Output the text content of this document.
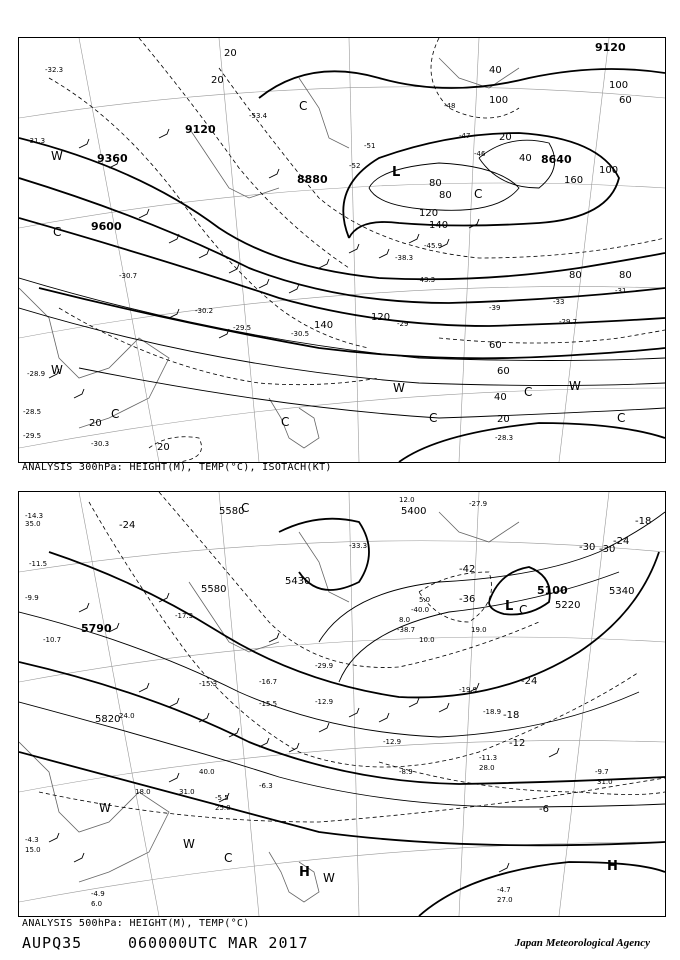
9120
9360
9600
8880
8640
9120
20
20
40
60
80
100
120
140
160
20
40
60
80
100
120
140
80
100
60
40
20
20
20
80
-32.3
-31.3
-30.7
-30.2
-29.5
-28.9
-28.5
-29.5
-30.3
-38.3
-45.9
-51
-52
-53.4
-43.3
-46
-48
-47
-28.3
-29.7
-31
-39
-33
-30.5
-29
L
W
C
W
C
C
C
W
C
C	W
C
C
ANALYSIS 300hPa: HEIGHT(M), TEMP(°C), ISOTACH(KT)
5400
5580
5820
5790
5430
5100
5220
5340
5580
-42
-36
-30
-24
-18
-12
-6
-18
-24
-30
-24
-14.3
-11.5
-9.9
-10.7
-12.9
-9.7
-11.3
-8.9
-6.3
-5.5
-4.7
-4.3
-4.9
-40.0
-38.7
-33.3
-29.9
-27.9
-12.9
-15.5
-18.9
-19.9
-16.7
-15.3
-17.3
35.0
12.0
5.0
18.0
40.0
27.0
31.0
28.0
25.0
15.0
10.0
6.0
8.0
19.0
24.0
31.0
L
H
H
C
C
W
W
W
C
ANALYSIS 500hPa: HEIGHT(M), TEMP(°C)
AUPQ35	060000UTC MAR 2017	Japan Meteorological Agency
